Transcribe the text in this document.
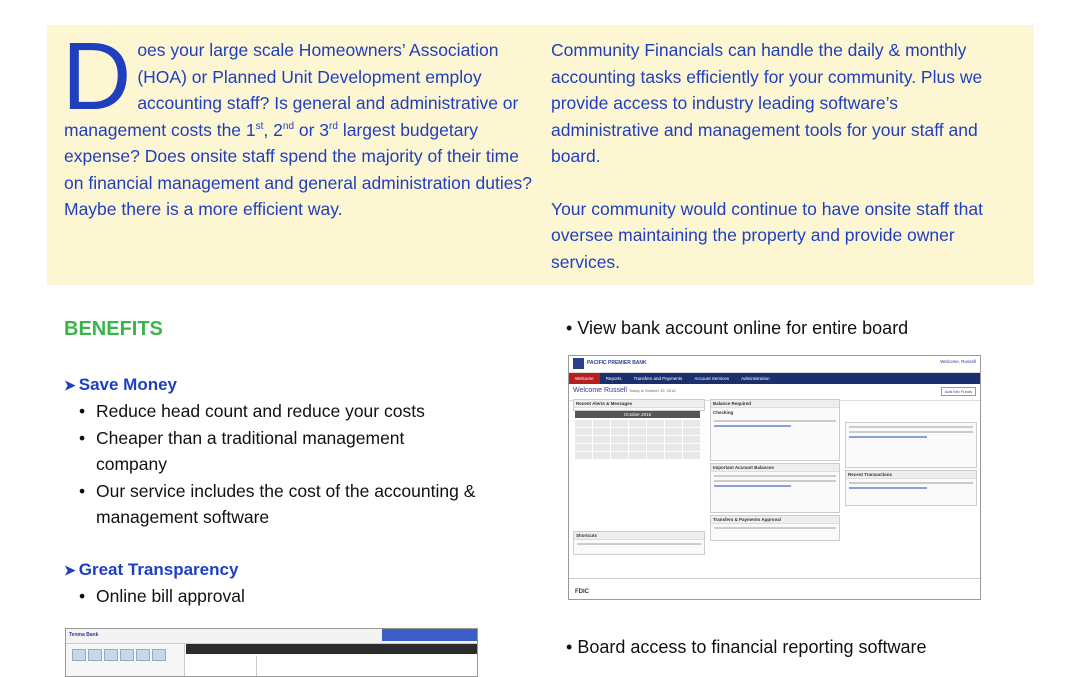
D oes your large scale Homeowners’ Association (HOA) or Planned Unit Development employ accounting staff? Is general and administrative or management costs the 1st, 2nd or 3rd largest budgetary expense? Does onsite staff spend the majority of their time on financial management and general administration duties? Maybe there is a more efficient way.

Community Financials can handle the daily & monthly accounting tasks efficiently for your community. Plus we provide access to industry leading software’s administrative and management tools for your staff and board.

Your community would continue to have onsite staff that oversee maintaining the property and provide owner services.

BENEFITS
➤ Save Money
• Reduce head count and reduce your costs
• Cheaper than a traditional management company
• Our service includes the cost of the accounting & management software
➤ Great Transparency
• Online bill approval
• View bank account online for entire board
• Board access to financial reporting software
PACIFIC PREMIER BANK	Welcome, Russell
Welcome	Reports	Transfers and Payments	Account Services	Administration
Welcome Russell Today is October 19, 2016	Add Info Funds
Recent Alerts & Messages
October 2016
Shortcuts
Balance Required
Checking
Important Account Balances
Transfers & Payments Approval
Recent Transactions
FDIC
Tenma Bank
